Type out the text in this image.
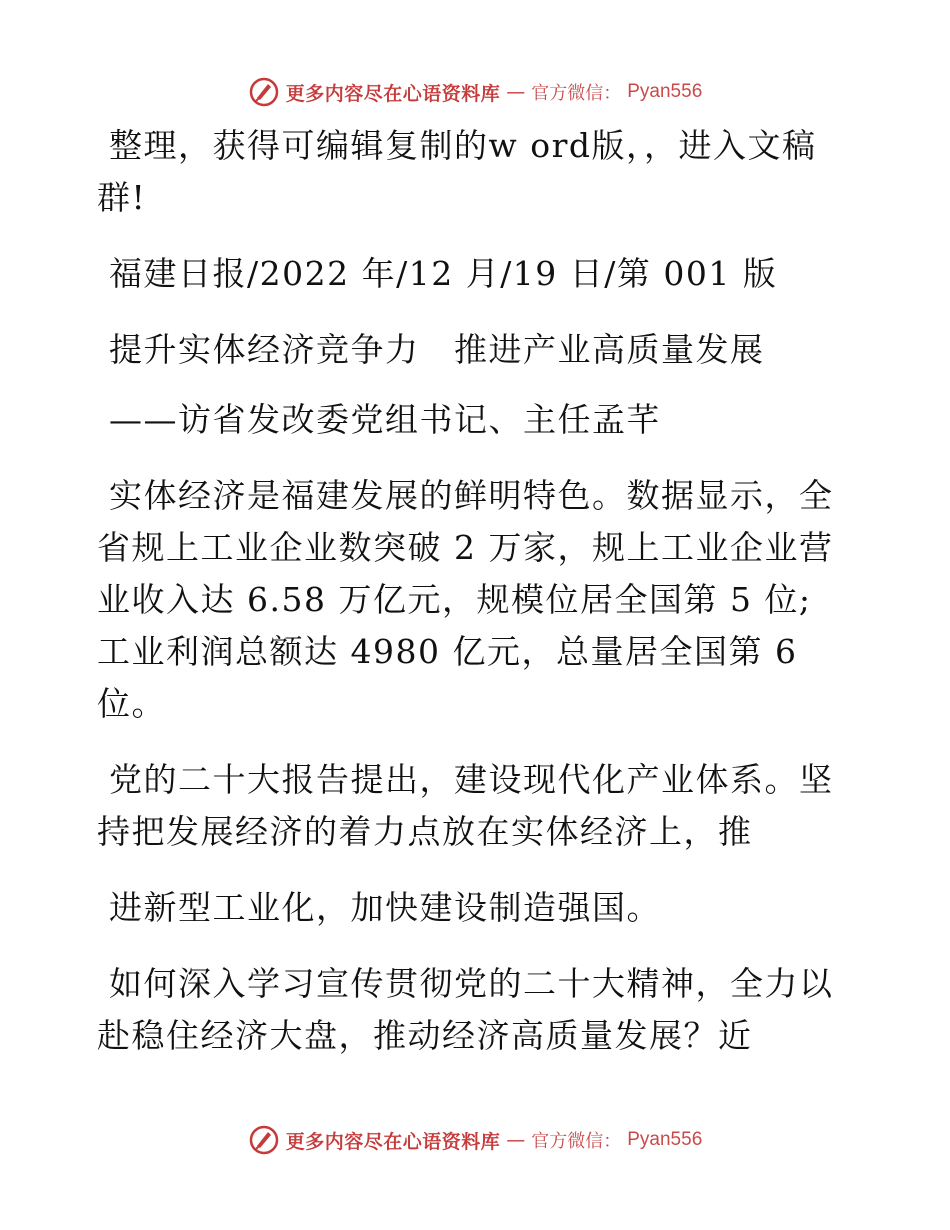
更多内容尽在心语资料库 — 官方微信： Pyan556

整理，获得可编辑复制的w ord版，，进入文稿群!

福建日报/2022 年/12 月/19 日/第 001 版

提升实体经济竞争力　推进产业高质量发展

——访省发改委党组书记、主任孟芊

实体经济是福建发展的鲜明特色。数据显示，全省规上工业企业数突破 2 万家，规上工业企业营业收入达 6.58 万亿元，规模位居全国第 5 位;工业利润总额达 4980 亿元，总量居全国第 6位。

党的二十大报告提出，建设现代化产业体系。坚持把发展经济的着力点放在实体经济上，推

进新型工业化，加快建设制造强国。

如何深入学习宣传贯彻党的二十大精神，全力以赴稳住经济大盘，推动经济高质量发展？近

更多内容尽在心语资料库 — 官方微信： Pyan556
